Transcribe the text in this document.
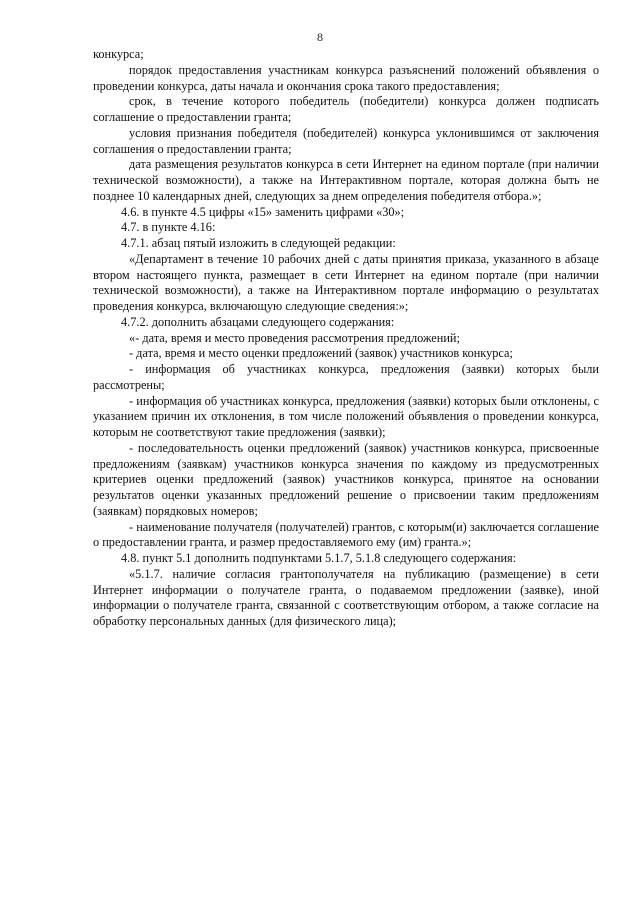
8

конкурса;

порядок предоставления участникам конкурса разъяснений положений объявления о проведении конкурса, даты начала и окончания срока такого предоставления;

срок, в течение которого победитель (победители) конкурса должен подписать соглашение о предоставлении гранта;

условия признания победителя (победителей) конкурса уклонившимся от заключения соглашения о предоставлении гранта;

дата размещения результатов конкурса в сети Интернет на едином портале (при наличии технической возможности), а также на Интерактивном портале, которая должна быть не позднее 10 календарных дней, следующих за днем определения победителя отбора.»;

4.6. в пункте 4.5 цифры «15» заменить цифрами «30»;

4.7. в пункте 4.16:

4.7.1. абзац пятый изложить в следующей редакции:

«Департамент в течение 10 рабочих дней с даты принятия приказа, указанного в абзаце втором настоящего пункта, размещает в сети Интернет на едином портале (при наличии технической возможности), а также на Интерактивном портале информацию о результатах проведения конкурса, включающую следующие сведения:»;

4.7.2. дополнить абзацами следующего содержания:

«- дата, время и место проведения рассмотрения предложений;

- дата, время и место оценки предложений (заявок) участников конкурса;

- информация об участниках конкурса, предложения (заявки) которых были рассмотрены;

- информация об участниках конкурса, предложения (заявки) которых были отклонены, с указанием причин их отклонения, в том числе положений объявления о проведении конкурса, которым не соответствуют такие предложения (заявки);

- последовательность оценки предложений (заявок) участников конкурса, присвоенные предложениям (заявкам) участников конкурса значения по каждому из предусмотренных критериев оценки предложений (заявок) участников конкурса, принятое на основании результатов оценки указанных предложений решение о присвоении таким предложениям (заявкам) порядковых номеров;

- наименование получателя (получателей) грантов, с которым(и) заключается соглашение о предоставлении гранта, и размер предоставляемого ему (им) гранта.»;

4.8. пункт 5.1 дополнить подпунктами 5.1.7, 5.1.8 следующего содержания:

«5.1.7. наличие согласия грантополучателя на публикацию (размещение) в сети Интернет информации о получателе гранта, о подаваемом предложении (заявке), иной информации о получателе гранта, связанной с соответствующим отбором, а также согласие на обработку персональных данных (для физического лица);
